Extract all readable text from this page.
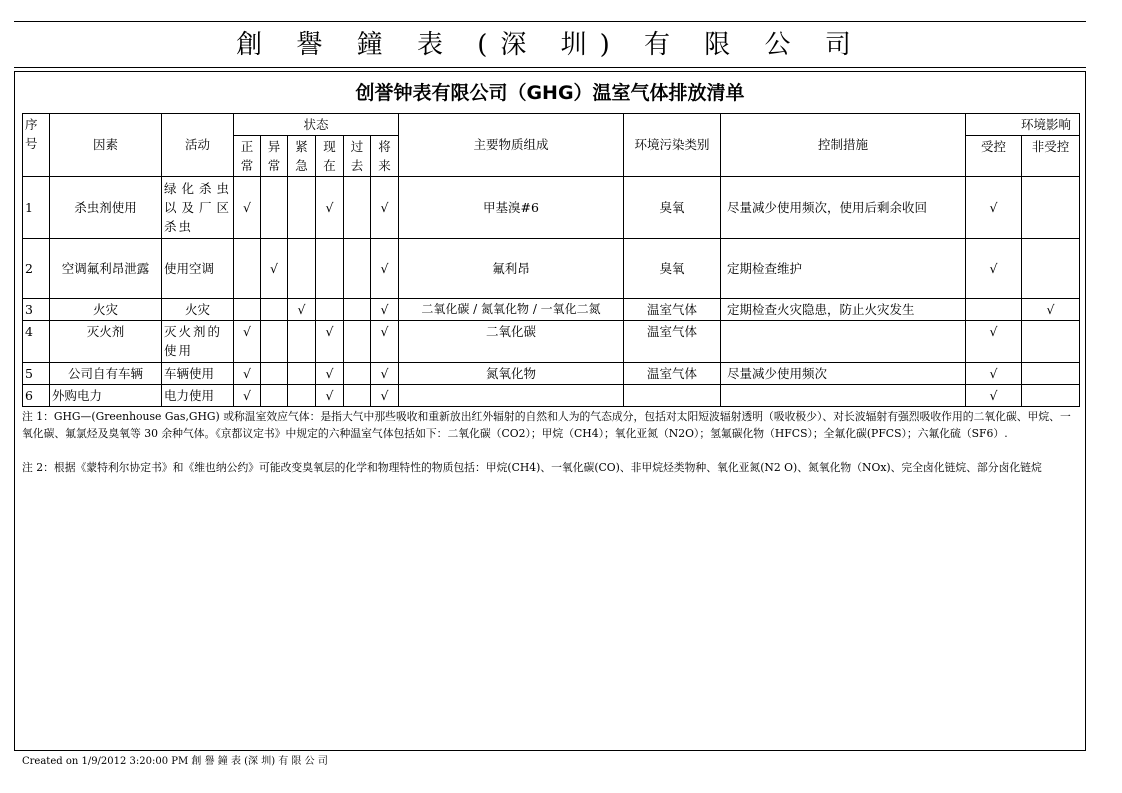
創 譽 鐘 表 (深 圳) 有 限 公 司
创誉钟表有限公司（GHG）温室气体排放清单
序号	因素	活动	状态						主要物质组成	环境污染类别	控制措施	环境影响	
			正常	异常	紧急	现在	过去	将来				受控	非受控
1	杀虫剂使用	绿化杀虫以及厂区杀虫	√			√		√	甲基溴#6	臭氧	尽量减少使用频次，使用后剩余收回	√	
2	空调氟利昂泄露	使用空调		√				√	氟利昂	臭氧	定期检查维护	√	
3	火灾	火灾			√			√	二氧化碳 / 氮氧化物 / 一氧化二氮	温室气体	定期检查火灾隐患，防止火灾发生		√
4	灭火剂	灭火剂的使用	√			√		√	二氧化碳	温室气体		√	
5	公司自有车辆	车辆使用	√			√		√	氮氧化物	温室气体	尽量减少使用频次	√	
6	外购电力	电力使用	√			√		√				√	

注 1：GHG—(Greenhouse Gas,GHG) 或称温室效应气体：是指大气中那些吸收和重新放出红外辐射的自然和人为的气态成分，包括对太阳短波辐射透明（吸收极少）、对长波辐射有强烈吸收作用的二氧化碳、甲烷、一氧化碳、氟氯烃及臭氧等 30 余种气体。《京都议定书》中规定的六种温室气体包括如下：二氧化碳（CO2）；甲烷（CH4）；氧化亚氮（N2O）；氢氟碳化物（HFCS）；全氟化碳(PFCS）；六氟化硫（SF6）.

注 2：根据《蒙特利尔协定书》和《维也纳公约》可能改变臭氧层的化学和物理特性的物质包括：甲烷(CH4)、一氧化碳(CO)、非甲烷烃类物种、氧化亚氮(N2 O)、氮氧化物（NOx)、完全卤化链烷、部分卤化链烷

Created on 1/9/2012 3:20:00 PM 創 譽 鐘 表 (深 圳) 有 限 公 司
